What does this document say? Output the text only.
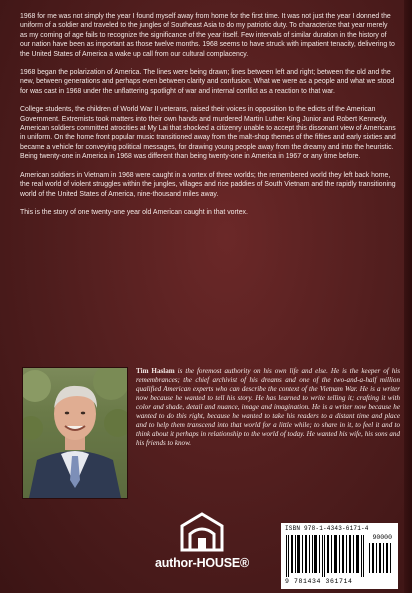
1968 for me was not simply the year I found myself away from home for the first time. It was not just the year I donned the uniform of a soldier and traveled to the jungles of Southeast Asia to do my patriotic duty. To characterize that year merely as my coming of age fails to recognize the significance of the year itself. Few intervals of similar duration in the history of our nation have been as important as those twelve months. 1968 seems to have struck with impatient tenacity, delivering to the United States of America a wake up call from our cultural complacency.

1968 began the polarization of America. The lines were being drawn; lines between left and right; between the old and the new, between generations and perhaps even between clarity and confusion. What we were as a people and what we stood for was cast in 1968 under the unflattering spotlight of war and internal conflict as a reaction to that war.

College students, the children of World War II veterans, raised their voices in opposition to the edicts of the American Government. Extremists took matters into their own hands and murdered Martin Luther King Junior and Robert Kennedy. American soldiers committed atrocities at My Lai that shocked a citizenry unable to accept this dissonant view of Americans in uniform. On the home front popular music transitioned away from the malt-shop themes of the fifties and early sixties and became a vehicle for conveying political messages, for drawing young people away from the dreamy and into the heuristic. Being twenty-one in America in 1968 was different than being twenty-one in America in 1967 or any time before.

American soldiers in Vietnam in 1968 were caught in a vortex of three worlds; the remembered world they left back home, the real world of violent struggles within the jungles, villages and rice paddies of South Vietnam and the rapidly transitioning world of the United States of America, nine-thousand miles away.

This is the story of one twenty-one year old American caught in that vortex.

Tim Haslam is the foremost authority on his own life and else. He is the keeper of his remembrances; the chief archivist of his dreams and one of the two-and-a-half million qualified American experts who can describe the context of the Vietnam War. He is a writer now because he wanted to tell his story. He has learned to write telling it; crafting it with color and shade, detail and nuance, image and imagination. He is a writer now because he wanted to do this right, because he wanted to take his readers to a distant time and place and to help them transcend into that world for a little while; to share in it, to feel it and to think about it perhaps in relationship to the world of today. He wanted his wife, his sons and his friends to know.
author-HOUSE®
ISBN 978-1-4343-6171-4
90000
9 781434 361714
